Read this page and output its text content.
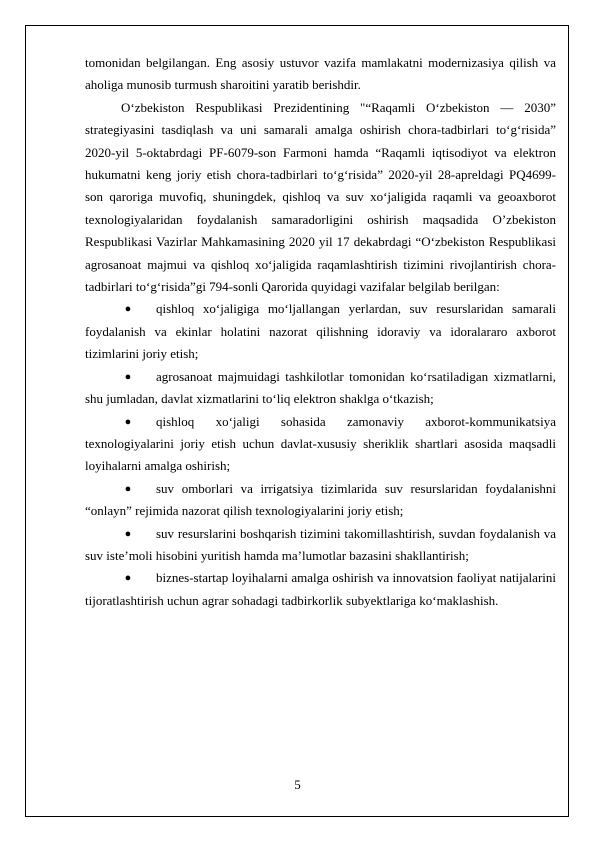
tomonidan belgilangan. Eng asosiy ustuvor vazifa mamlakatni modernizasiya qilish va aholiga munosib turmush sharoitini yaratib berishdir.

O‘zbekiston Respublikasi Prezidentining "“Raqamli O‘zbekiston — 2030” strategiyasini tasdiqlash va uni samarali amalga oshirish chora-tadbirlari to‘g‘risida” 2020-yil 5-oktabrdagi PF-6079-son Farmoni hamda “Raqamli iqtisodiyot va elektron hukumatni keng joriy etish chora-tadbirlari to‘g‘risida” 2020-yil 28-apreldagi PQ4699-son qaroriga muvofiq, shuningdek, qishloq va suv xo‘jaligida raqamli va geoaxborot texnologiyalaridan foydalanish samaradorligini oshirish maqsadida O’zbekiston Respublikasi Vazirlar Mahkamasining 2020 yil 17 dekabrdagi “O‘zbekiston Respublikasi agrosanoat majmui va qishloq xo‘jaligida raqamlashtirish tizimini rivojlantirish chora-tadbirlari to‘g‘risida”gi 794-sonli Qarorida quyidagi vazifalar belgilab berilgan:

●	qishloq xo‘jaligiga mo‘ljallangan yerlardan, suv resurslaridan samarali foydalanish va ekinlar holatini nazorat qilishning idoraviy va idoralararo axborot tizimlarini joriy etish;

●	agrosanoat majmuidagi tashkilotlar tomonidan ko‘rsatiladigan xizmatlarni, shu jumladan, davlat xizmatlarini to‘liq elektron shaklga o‘tkazish;

●	qishloq xo‘jaligi sohasida zamonaviy axborot-kommunikatsiya texnologiyalarini joriy etish uchun davlat-xususiy sheriklik shartlari asosida maqsadli loyihalarni amalga oshirish;

●	suv omborlari va irrigatsiya tizimlarida suv resurslaridan foydalanishni “onlayn” rejimida nazorat qilish texnologiyalarini joriy etish;

●	suv resurslarini boshqarish tizimini takomillashtirish, suvdan foydalanish va suv iste’moli hisobini yuritish hamda ma’lumotlar bazasini shakllantirish;

●	biznes-startap loyihalarni amalga oshirish va innovatsion faoliyat natijalarini tijoratlashtirish uchun agrar sohadagi tadbirkorlik subyektlariga ko‘maklashish.

5
